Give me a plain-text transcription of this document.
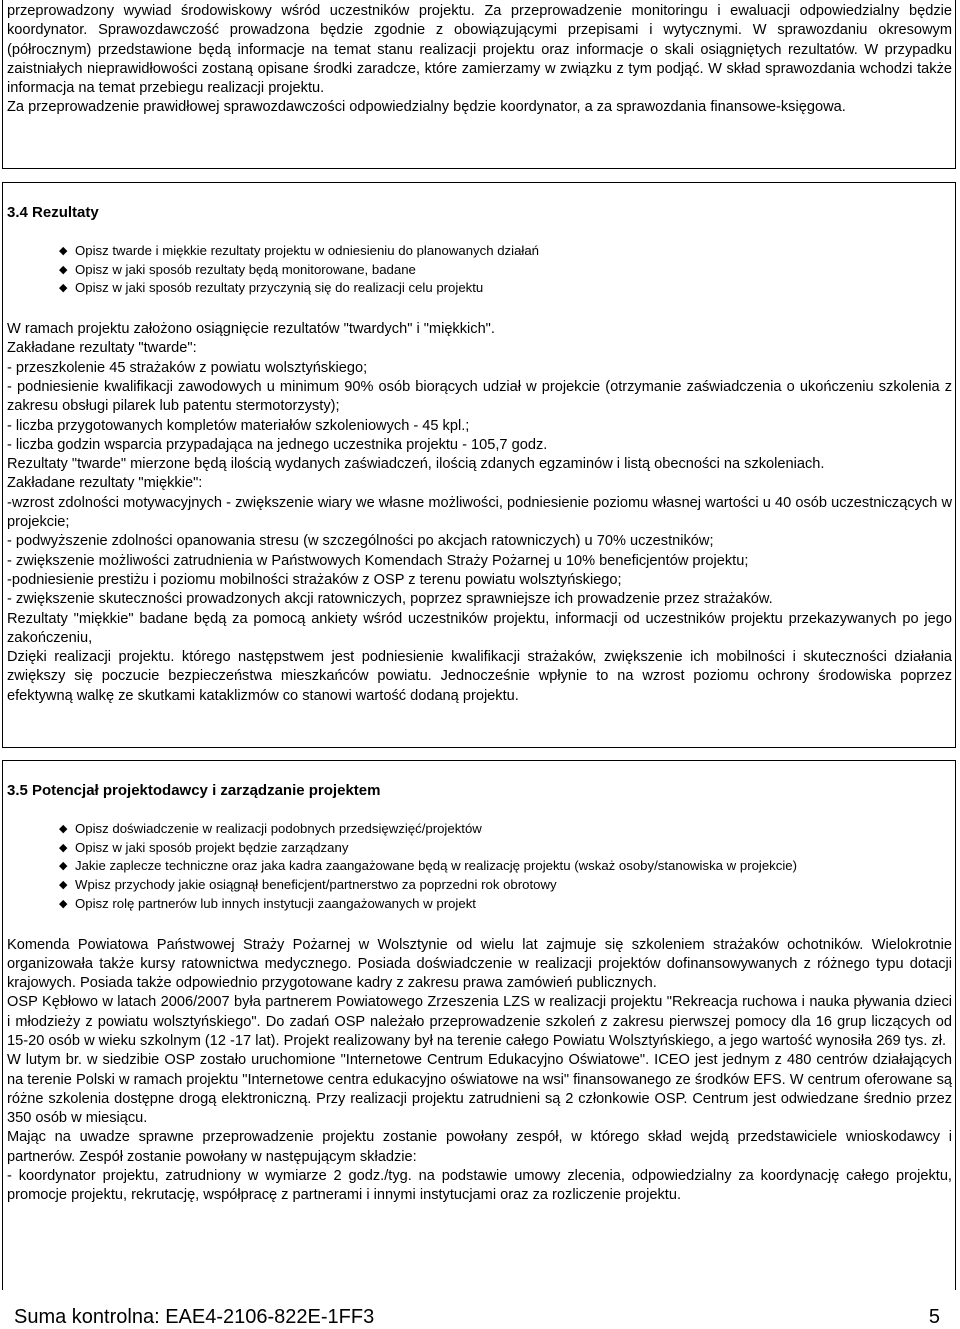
przeprowadzony wywiad środowiskowy wśród uczestników projektu. Za przeprowadzenie monitoringu i ewaluacji odpowiedzialny będzie koordynator. Sprawozdawczość prowadzona będzie zgodnie z obowiązującymi przepisami i wytycznymi. W sprawozdaniu okresowym (półrocznym) przedstawione będą informacje na temat stanu realizacji projektu oraz informacje o skali osiągniętych rezultatów. W przypadku zaistniałych nieprawidłowości zostaną opisane środki zaradcze, które zamierzamy w związku z tym podjąć. W skład sprawozdania wchodzi także informacja na temat przebiegu realizacji projektu.

Za przeprowadzenie prawidłowej sprawozdawczości odpowiedzialny będzie koordynator, a za sprawozdania finansowe-księgowa.

3.4 Rezultaty
◆ Opisz twarde i miękkie rezultaty projektu w odniesieniu do planowanych działań
◆ Opisz w jaki sposób rezultaty będą monitorowane, badane
◆ Opisz w jaki sposób rezultaty przyczynią się do realizacji celu projektu

W ramach projektu założono osiągnięcie rezultatów "twardych" i "miękkich".

Zakładane rezultaty "twarde":

- przeszkolenie 45 strażaków z powiatu wolsztyńskiego;

- podniesienie kwalifikacji zawodowych u minimum 90% osób biorących udział w projekcie (otrzymanie zaświadczenia o ukończeniu szkolenia z zakresu obsługi pilarek lub patentu stermotorzysty);

- liczba przygotowanych kompletów materiałów szkoleniowych - 45 kpl.;

- liczba godzin wsparcia przypadająca na jednego uczestnika projektu - 105,7 godz.

Rezultaty "twarde" mierzone będą ilością wydanych zaświadczeń, ilością zdanych egzaminów i listą obecności na szkoleniach.

Zakładane rezultaty "miękkie":

-wzrost zdolności motywacyjnych - zwiększenie wiary we własne możliwości, podniesienie poziomu własnej wartości u 40 osób uczestniczących w projekcie;

- podwyższenie zdolności opanowania stresu (w szczególności po akcjach ratowniczych) u 70% uczestników;

- zwiększenie możliwości zatrudnienia w Państwowych Komendach Straży Pożarnej u 10% beneficjentów projektu;

-podniesienie prestiżu i poziomu mobilności strażaków z OSP z terenu powiatu wolsztyńskiego;

- zwiększenie skuteczności prowadzonych akcji ratowniczych, poprzez sprawniejsze ich prowadzenie przez strażaków.

Rezultaty "miękkie" badane będą za pomocą ankiety wśród uczestników projektu, informacji od uczestników projektu przekazywanych po jego zakończeniu,

Dzięki realizacji projektu. którego następstwem jest podniesienie kwalifikacji strażaków, zwiększenie ich mobilności i skuteczności działania zwiększy się poczucie bezpieczeństwa mieszkańców powiatu. Jednocześnie wpłynie to na wzrost poziomu ochrony środowiska poprzez efektywną walkę ze skutkami kataklizmów co stanowi wartość dodaną projektu.

3.5 Potencjał projektodawcy i zarządzanie projektem
◆ Opisz doświadczenie w realizacji podobnych przedsięwzięć/projektów
◆ Opisz w jaki sposób projekt będzie zarządzany
◆ Jakie zaplecze techniczne oraz jaka kadra zaangażowane będą w realizację projektu (wskaż osoby/stanowiska w projekcie)
◆ Wpisz przychody jakie osiągnął beneficjent/partnerstwo za poprzedni rok obrotowy
◆ Opisz rolę partnerów lub innych instytucji zaangażowanych w projekt

Komenda Powiatowa Państwowej Straży Pożarnej w Wolsztynie od wielu lat zajmuje się szkoleniem strażaków ochotników. Wielokrotnie organizowała także kursy ratownictwa medycznego. Posiada doświadczenie w realizacji projektów dofinansowywanych z różnego typu dotacji krajowych. Posiada także odpowiednio przygotowane kadry z zakresu prawa zamówień publicznych.

OSP Kębłowo w latach 2006/2007 była partnerem Powiatowego Zrzeszenia LZS w realizacji projektu "Rekreacja ruchowa i nauka pływania dzieci i młodzieży z powiatu wolsztyńskiego". Do zadań OSP należało przeprowadzenie szkoleń z zakresu pierwszej pomocy dla 16 grup liczących od 15-20 osób w wieku szkolnym (12 -17 lat). Projekt realizowany był na terenie całego Powiatu Wolsztyńskiego, a jego wartość wynosiła 269 tys. zł.

W lutym br. w siedzibie OSP zostało uruchomione "Internetowe Centrum Edukacyjno Oświatowe". ICEO jest jednym z 480 centrów działających na terenie Polski w ramach projektu "Internetowe centra edukacyjno oświatowe na wsi" finansowanego ze środków EFS. W centrum oferowane są różne szkolenia dostępne drogą elektroniczną. Przy realizacji projektu zatrudnieni są 2 członkowie OSP. Centrum jest odwiedzane średnio przez 350 osób w miesiącu.

Mając na uwadze sprawne przeprowadzenie projektu zostanie powołany zespół, w którego skład wejdą przedstawiciele wnioskodawcy i partnerów. Zespół zostanie powołany w następującym składzie:

- koordynator projektu, zatrudniony w wymiarze 2 godz./tyg. na podstawie umowy zlecenia, odpowiedzialny za koordynację całego projektu, promocje projektu, rekrutację, współpracę z partnerami i innymi instytucjami oraz za rozliczenie projektu.

Suma kontrolna: EAE4-2106-822E-1FF3	5
